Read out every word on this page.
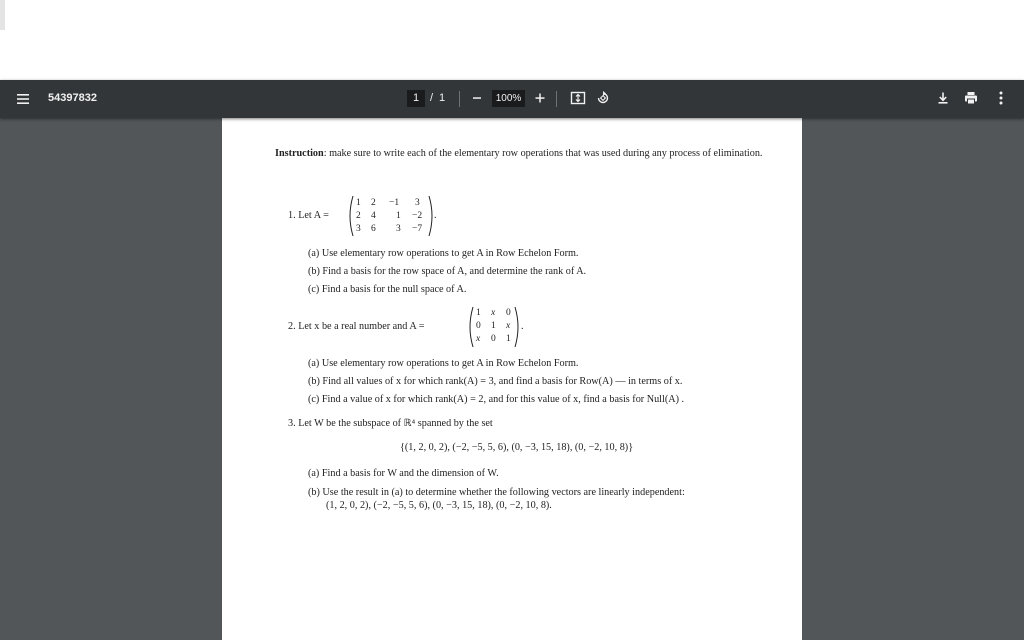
54397832	1 / 1	100%
Instruction: make sure to write each of the elementary row operations that was used during any process of elimination.
1. Let A =
1 2 −1 3
2 4 1 −2
3 6 3 −7
.
(a) Use elementary row operations to get A in Row Echelon Form.
(b) Find a basis for the row space of A, and determine the rank of A.
(c) Find a basis for the null space of A.
2. Let x be a real number and A =
1 x 0
0 1 x
x 0 1
.
(a) Use elementary row operations to get A in Row Echelon Form.
(b) Find all values of x for which rank(A) = 3, and find a basis for Row(A) — in terms of x.
(c) Find a value of x for which rank(A) = 2, and for this value of x, find a basis for Null(A) .
3. Let W be the subspace of ℝ⁴ spanned by the set
{(1, 2, 0, 2), (−2, −5, 5, 6), (0, −3, 15, 18), (0, −2, 10, 8)}
(a) Find a basis for W and the dimension of W.
(b) Use the result in (a) to determine whether the following vectors are linearly independent:
(1, 2, 0, 2), (−2, −5, 5, 6), (0, −3, 15, 18), (0, −2, 10, 8).
